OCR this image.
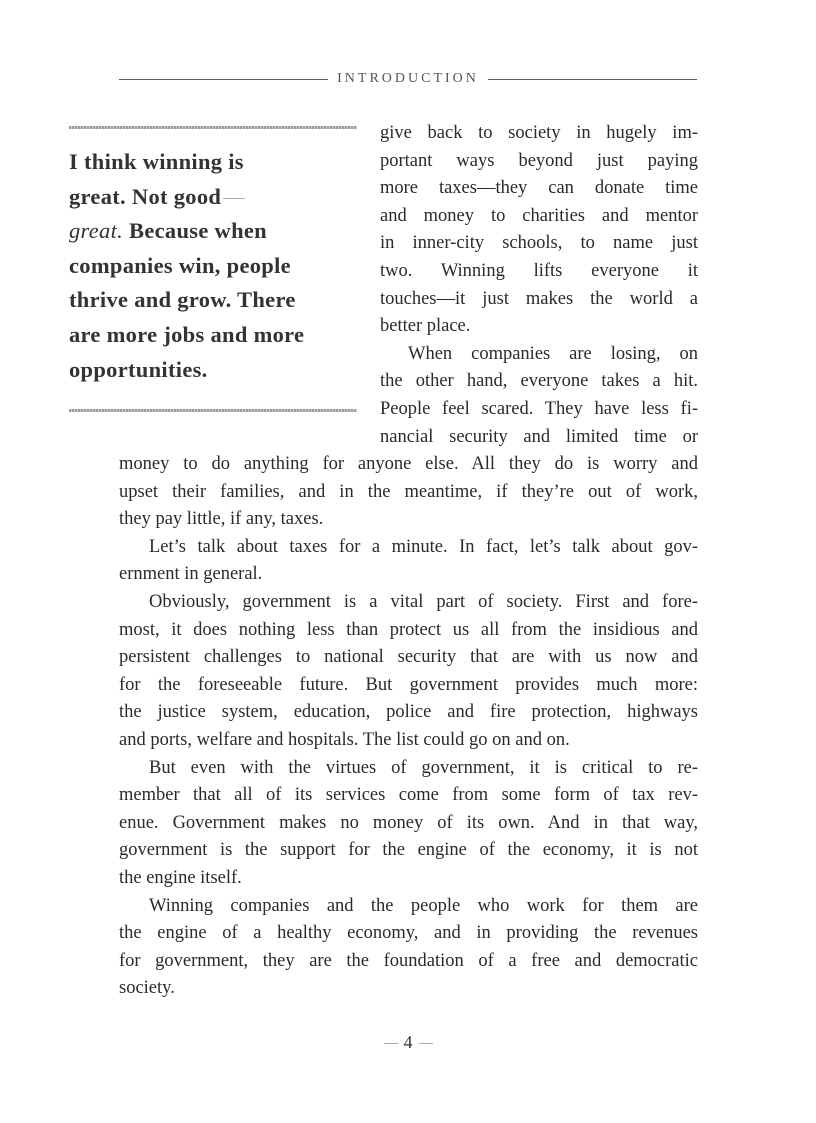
INTRODUCTION
I think winning is
great. Not good
great. Because when
companies win, people
thrive and grow. There
are more jobs and more
opportunities.
give back to society in hugely im-
portant ways beyond just paying
more taxes—they can donate time
and money to charities and mentor
in inner-city schools, to name just
two. Winning lifts everyone it
touches—it just makes the world a
better place.
When companies are losing, on
the other hand, everyone takes a hit.
People feel scared. They have less fi-
nancial security and limited time or
money to do anything for anyone else. All they do is worry and
upset their families, and in the meantime, if they’re out of work,
they pay little, if any, taxes.
Let’s talk about taxes for a minute. In fact, let’s talk about gov-
ernment in general.
Obviously, government is a vital part of society. First and fore-
most, it does nothing less than protect us all from the insidious and
persistent challenges to national security that are with us now and
for the foreseeable future. But government provides much more:
the justice system, education, police and fire protection, highways
and ports, welfare and hospitals. The list could go on and on.
But even with the virtues of government, it is critical to re-
member that all of its services come from some form of tax rev-
enue. Government makes no money of its own. And in that way,
government is the support for the engine of the economy, it is not
the engine itself.
Winning companies and the people who work for them are
the engine of a healthy economy, and in providing the revenues
for government, they are the foundation of a free and democratic
society.
4
